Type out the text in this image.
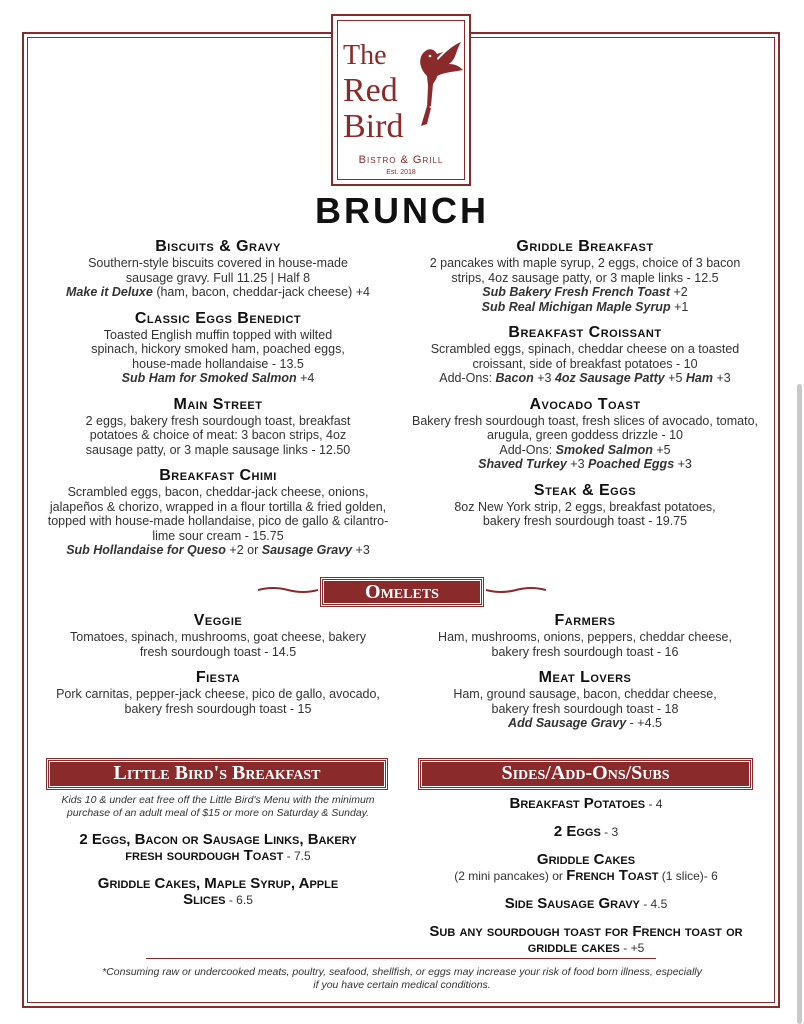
The
Red
Bird
Bistro & Grill
Est. 2018
BRUNCH
Biscuits & Gravy
Southern-style biscuits covered in house-made sausage gravy. Full 11.25 | Half 8
Make it Deluxe (ham, bacon, cheddar-jack cheese) +4
Classic Eggs Benedict
Toasted English muffin topped with wilted spinach, hickory smoked ham, poached eggs, house-made hollandaise - 13.5
Sub Ham for Smoked Salmon +4
Main Street
2 eggs, bakery fresh sourdough toast, breakfast potatoes & choice of meat: 3 bacon strips, 4oz sausage patty, or 3 maple sausage links - 12.50
Breakfast Chimi
Scrambled eggs, bacon, cheddar-jack cheese, onions, jalapeños & chorizo, wrapped in a flour tortilla & fried golden, topped with house-made hollandaise, pico de gallo & cilantro-lime sour cream - 15.75
Sub Hollandaise for Queso +2 or Sausage Gravy +3
Griddle Breakfast
2 pancakes with maple syrup, 2 eggs, choice of 3 bacon strips, 4oz sausage patty, or 3 maple links - 12.5
Sub Bakery Fresh French Toast +2
Sub Real Michigan Maple Syrup +1
Breakfast Croissant
Scrambled eggs, spinach, cheddar cheese on a toasted croissant, side of breakfast potatoes - 10
Add-Ons: Bacon +3 4oz Sausage Patty +5 Ham +3
Avocado Toast
Bakery fresh sourdough toast, fresh slices of avocado, tomato, arugula, green goddess drizzle - 10
Add-Ons: Smoked Salmon +5
Shaved Turkey +3 Poached Eggs +3
Steak & Eggs
8oz New York strip, 2 eggs, breakfast potatoes, bakery fresh sourdough toast - 19.75
Omelets
Veggie
Tomatoes, spinach, mushrooms, goat cheese, bakery fresh sourdough toast - 14.5
Fiesta
Pork carnitas, pepper-jack cheese, pico de gallo, avocado, bakery fresh sourdough toast - 15
Farmers
Ham, mushrooms, onions, peppers, cheddar cheese, bakery fresh sourdough toast - 16
Meat Lovers
Ham, ground sausage, bacon, cheddar cheese, bakery fresh sourdough toast - 18
Add Sausage Gravy - +4.5
Little Bird's Breakfast
Kids 10 & under eat free off the Little Bird's Menu with the minimum purchase of an adult meal of $15 or more on Saturday & Sunday.
2 Eggs, Bacon or Sausage Links, Bakery fresh sourdough Toast - 7.5
Griddle Cakes, Maple Syrup, Apple Slices - 6.5
Sides/Add-Ons/Subs
Breakfast Potatoes - 4
2 Eggs - 3
Griddle Cakes
(2 mini pancakes) or French Toast (1 slice)- 6
Side Sausage Gravy - 4.5
Sub any sourdough toast for French toast or griddle cakes - +5
*Consuming raw or undercooked meats, poultry, seafood, shellfish, or eggs may increase your risk of food born illness, especially if you have certain medical conditions.
